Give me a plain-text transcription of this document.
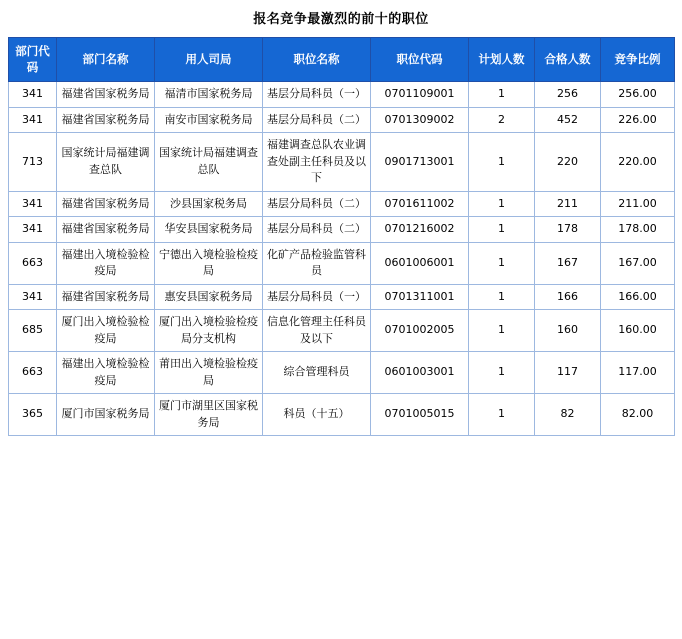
报名竞争最激烈的前十的职位
部门代码	部门名称	用人司局	职位名称	职位代码	计划人数	合格人数	竞争比例
341	福建省国家税务局	福清市国家税务局	基层分局科员（一）	0701109001	1	256	256.00
341	福建省国家税务局	南安市国家税务局	基层分局科员（二）	0701309002	2	452	226.00
713	国家统计局福建调查总队	国家统计局福建调查总队	福建调查总队农业调查处副主任科员及以下	0901713001	1	220	220.00
341	福建省国家税务局	沙县国家税务局	基层分局科员（二）	0701611002	1	211	211.00
341	福建省国家税务局	华安县国家税务局	基层分局科员（二）	0701216002	1	178	178.00
663	福建出入境检验检疫局	宁德出入境检验检疫局	化矿产品检验监管科员	0601006001	1	167	167.00
341	福建省国家税务局	惠安县国家税务局	基层分局科员（一）	0701311001	1	166	166.00
685	厦门出入境检验检疫局	厦门出入境检验检疫局分支机构	信息化管理主任科员及以下	0701002005	1	160	160.00
663	福建出入境检验检疫局	莆田出入境检验检疫局	综合管理科员	0601003001	1	117	117.00
365	厦门市国家税务局	厦门市湖里区国家税务局	科员（十五）	0701005015	1	82	82.00
